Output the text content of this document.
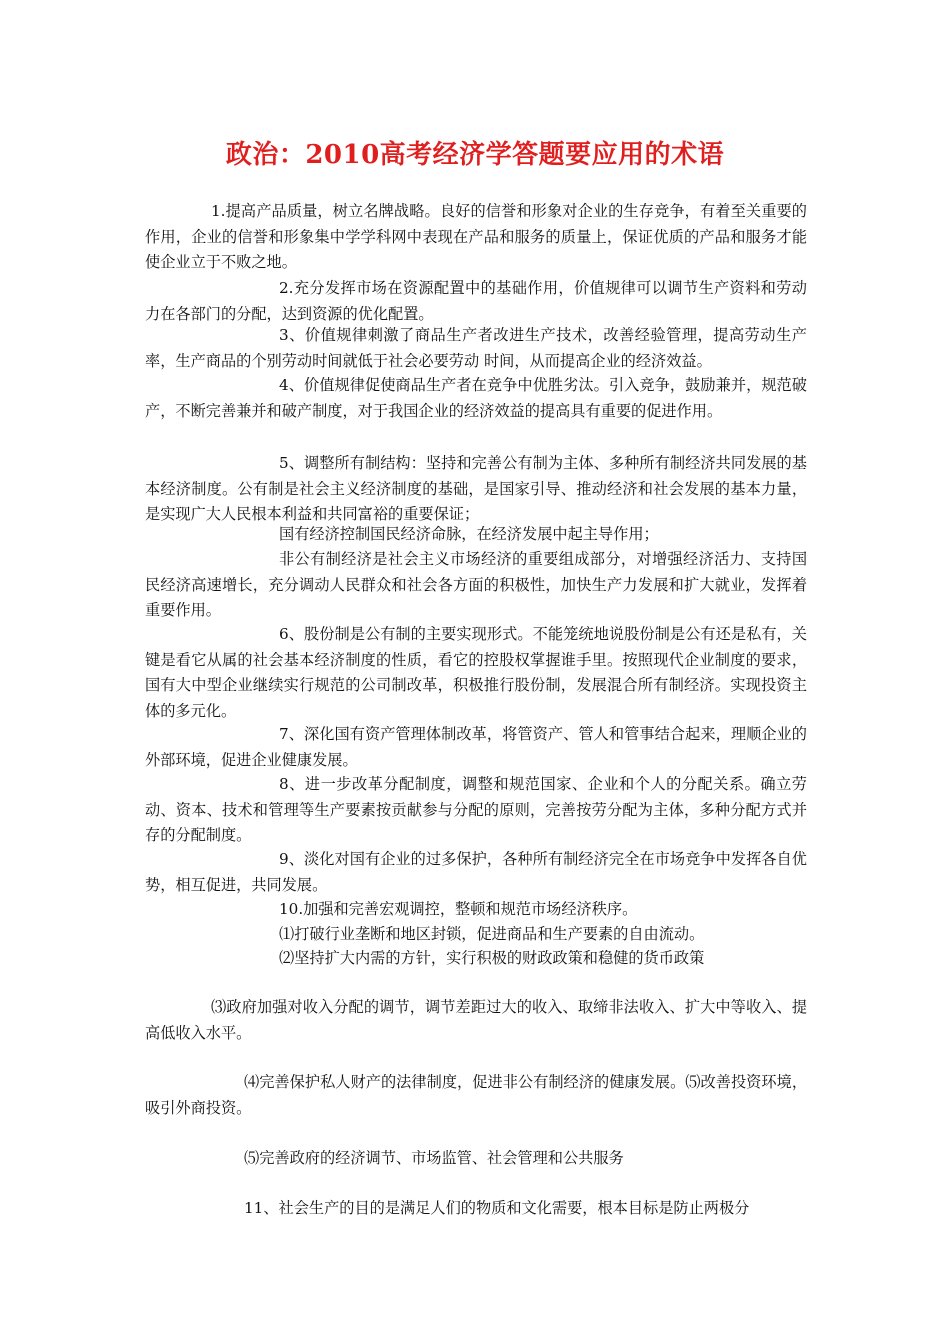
政治：2010高考经济学答题要应用的术语

1.提高产品质量，树立名牌战略。良好的信誉和形象对企业的生存竞争，有着至关重要的作用，企业的信誉和形象集中学学科网中表现在产品和服务的质量上，保证优质的产品和服务才能使企业立于不败之地。

2.充分发挥市场在资源配置中的基础作用，价值规律可以调节生产资料和劳动力在各部门的分配，达到资源的优化配置。

3、价值规律刺激了商品生产者改进生产技术，改善经验管理，提高劳动生产率，生产商品的个别劳动时间就低于社会必要劳动 时间，从而提高企业的经济效益。

4、价值规律促使商品生产者在竞争中优胜劣汰。引入竞争，鼓励兼并，规范破产，不断完善兼并和破产制度，对于我国企业的经济效益的提高具有重要的促进作用。

5、调整所有制结构：坚持和完善公有制为主体、多种所有制经济共同发展的基本经济制度。公有制是社会主义经济制度的基础，是国家引导、推动经济和社会发展的基本力量，是实现广大人民根本利益和共同富裕的重要保证；

国有经济控制国民经济命脉，在经济发展中起主导作用；

非公有制经济是社会主义市场经济的重要组成部分，对增强经济活力、支持国民经济高速增长，充分调动人民群众和社会各方面的积极性，加快生产力发展和扩大就业，发挥着重要作用。

6、股份制是公有制的主要实现形式。不能笼统地说股份制是公有还是私有，关键是看它从属的社会基本经济制度的性质，看它的控股权掌握谁手里。按照现代企业制度的要求，国有大中型企业继续实行规范的公司制改革，积极推行股份制，发展混合所有制经济。实现投资主体的多元化。

7、深化国有资产管理体制改革，将管资产、管人和管事结合起来，理顺企业的外部环境，促进企业健康发展。

8、进一步改革分配制度，调整和规范国家、企业和个人的分配关系。确立劳动、资本、技术和管理等生产要素按贡献参与分配的原则，完善按劳分配为主体，多种分配方式并存的分配制度。

9、淡化对国有企业的过多保护，各种所有制经济完全在市场竞争中发挥各自优势，相互促进，共同发展。

10.加强和完善宏观调控，整顿和规范市场经济秩序。

⑴打破行业垄断和地区封锁，促进商品和生产要素的自由流动。

⑵坚持扩大内需的方针，实行积极的财政政策和稳健的货币政策

⑶政府加强对收入分配的调节，调节差距过大的收入、取缔非法收入、扩大中等收入、提高低收入水平。

⑷完善保护私人财产的法律制度，促进非公有制经济的健康发展。⑸改善投资环境，吸引外商投资。

⑸完善政府的经济调节、市场监管、社会管理和公共服务

11、社会生产的目的是满足人们的物质和文化需要，根本目标是防止两极分
